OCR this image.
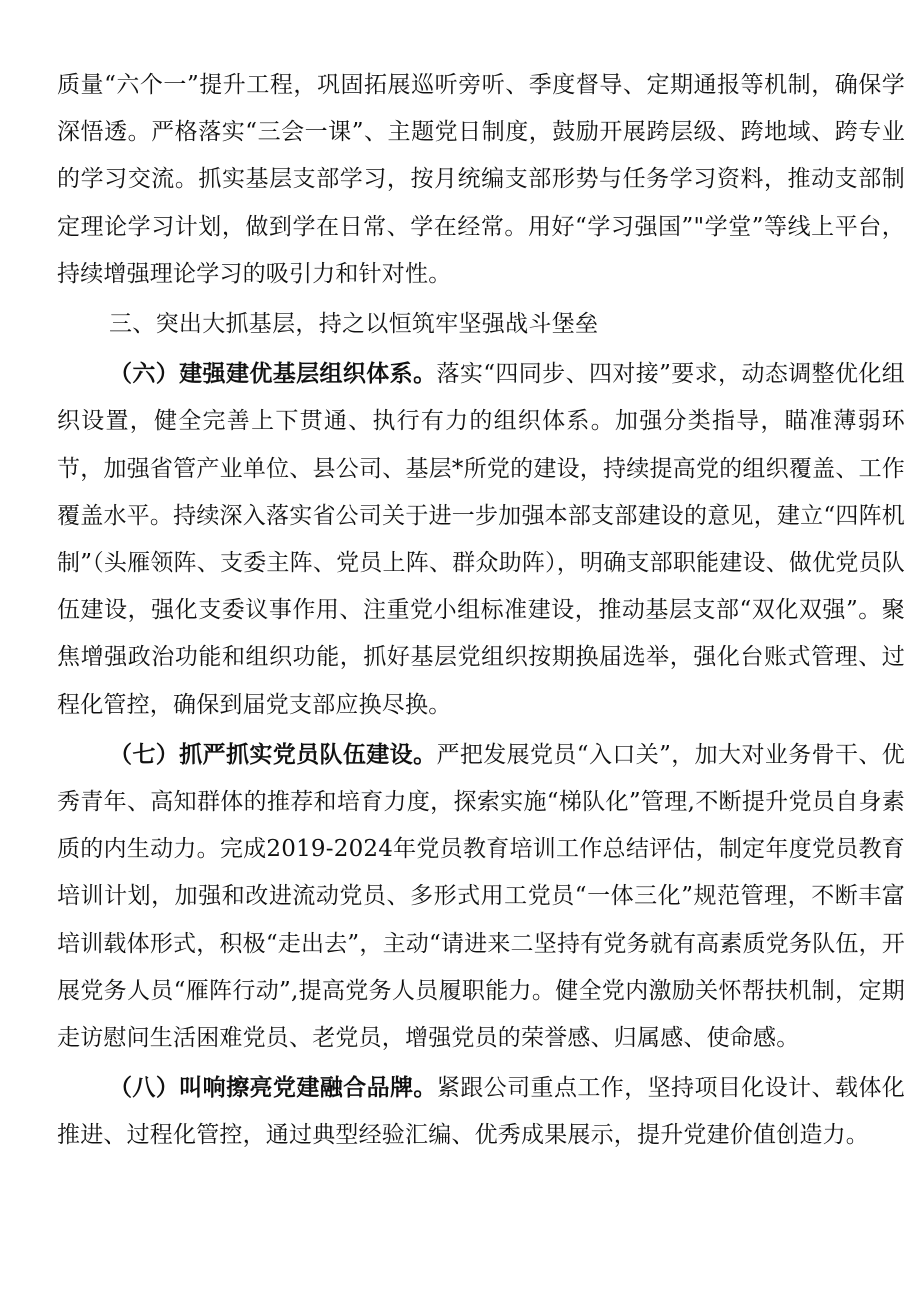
质量“六个一”提升工程，巩固拓展巡听旁听、季度督导、定期通报等机制，确保学深悟透。严格落实“三会一课”、主题党日制度，鼓励开展跨层级、跨地域、跨专业的学习交流。抓实基层支部学习，按月统编支部形势与任务学习资料，推动支部制定理论学习计划，做到学在日常、学在经常。用好“学习强国”"学堂”等线上平台，持续增强理论学习的吸引力和针对性。

三、突出大抓基层，持之以恒筑牢坚强战斗堡垒

（六）建强建优基层组织体系。落实“四同步、四对接”要求，动态调整优化组织设置，健全完善上下贯通、执行有力的组织体系。加强分类指导，瞄准薄弱环节，加强省管产业单位、县公司、基层*所党的建设，持续提高党的组织覆盖、工作覆盖水平。持续深入落实省公司关于进一步加强本部支部建设的意见，建立“四阵机制”（头雁领阵、支委主阵、党员上阵、群众助阵），明确支部职能建设、做优党员队伍建设，强化支委议事作用、注重党小组标准建设，推动基层支部“双化双强”。聚焦增强政治功能和组织功能，抓好基层党组织按期换届选举，强化台账式管理、过程化管控，确保到届党支部应换尽换。

（七）抓严抓实党员队伍建设。严把发展党员“入口关”，加大对业务骨干、优秀青年、高知群体的推荐和培育力度，探索实施“梯队化”管理,不断提升党员自身素质的内生动力。完成2019-2024年党员教育培训工作总结评估，制定年度党员教育培训计划，加强和改进流动党员、多形式用工党员“一体三化”规范管理，不断丰富培训载体形式，积极“走出去”，主动“请进来二坚持有党务就有高素质党务队伍，开展党务人员“雁阵行动”,提高党务人员履职能力。健全党内激励关怀帮扶机制，定期走访慰问生活困难党员、老党员，增强党员的荣誉感、归属感、使命感。

（八）叫响擦亮党建融合品牌。紧跟公司重点工作，坚持项目化设计、载体化推进、过程化管控，通过典型经验汇编、优秀成果展示，提升党建价值创造力。
